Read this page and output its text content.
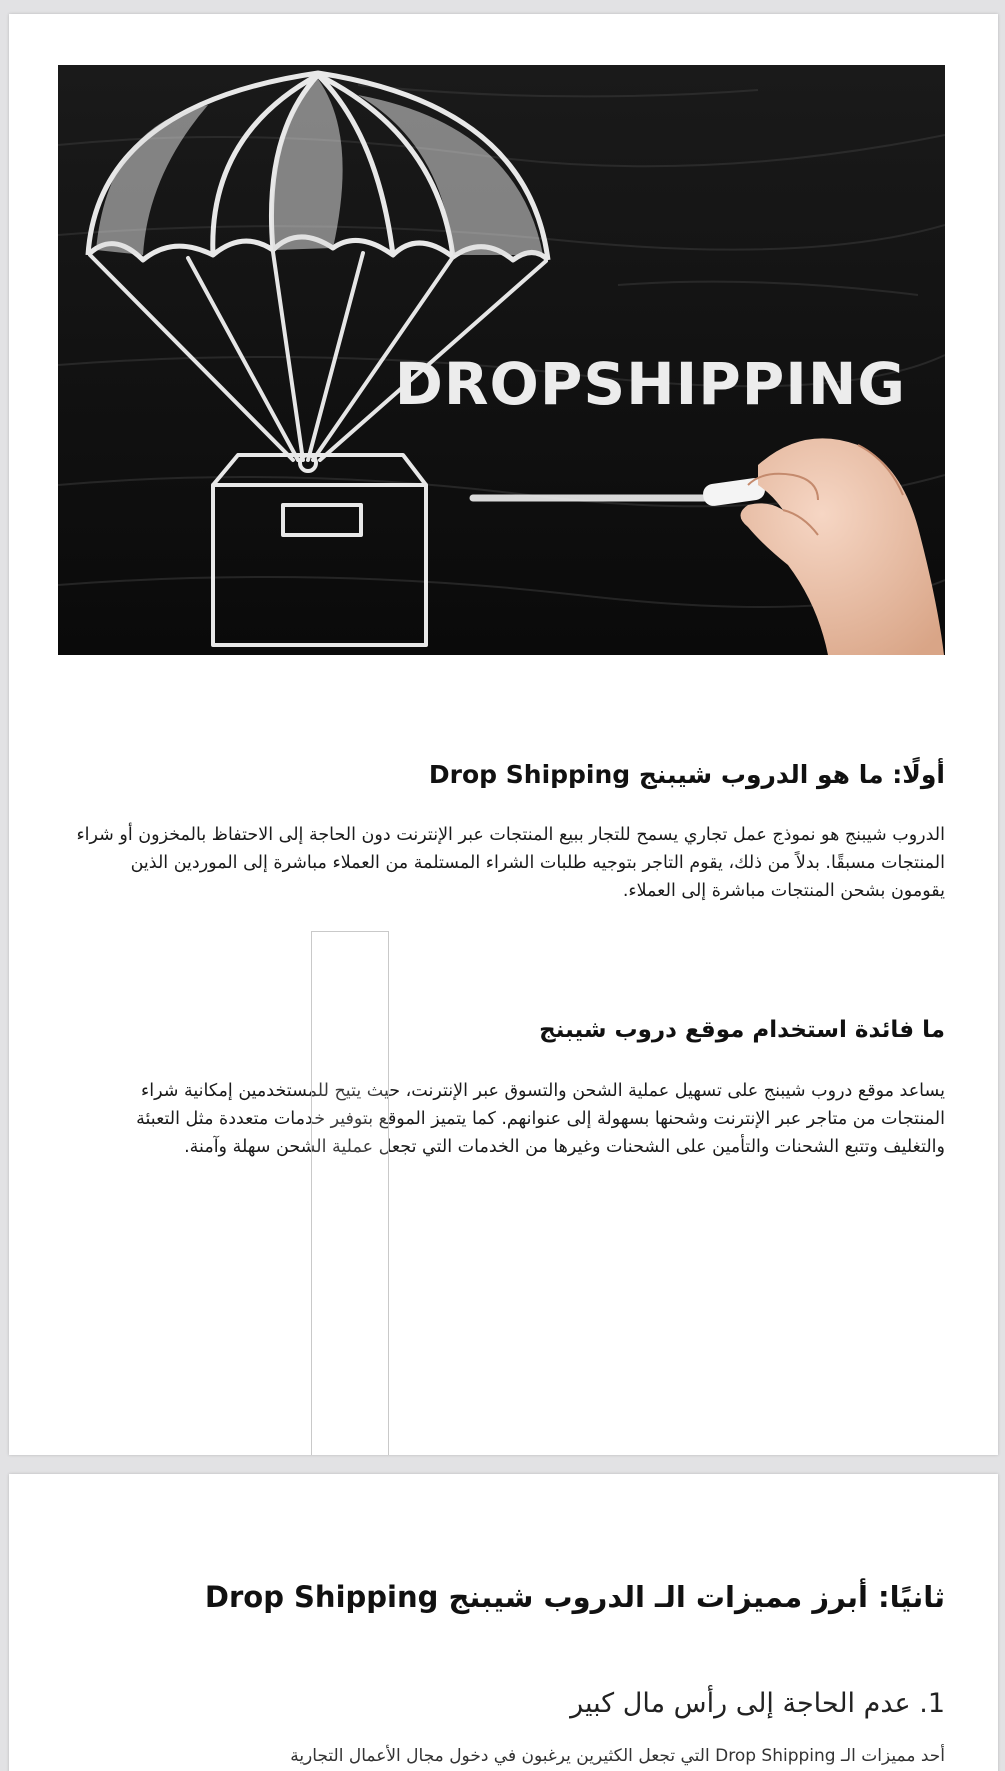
DROPSHIPPING
أولًا: ما هو الدروب شيبنج Drop Shipping

الدروب شيبنج هو نموذج عمل تجاري يسمح للتجار ببيع المنتجات عبر الإنترنت دون الحاجة إلى الاحتفاظ بالمخزون أو شراء المنتجات مسبقًا. بدلاً من ذلك، يقوم التاجر بتوجيه طلبات الشراء المستلمة من العملاء مباشرة إلى الموردين الذين يقومون بشحن المنتجات مباشرة إلى العملاء.

ما فائدة استخدام موقع دروب شيبنج

يساعد موقع دروب شيبنج على تسهيل عملية الشحن والتسوق عبر الإنترنت، حيث يتيح للمستخدمين إمكانية شراء المنتجات من متاجر عبر الإنترنت وشحنها بسهولة إلى عنوانهم. كما يتميز الموقع بتوفير خدمات متعددة مثل التعبئة والتغليف وتتبع الشحنات والتأمين على الشحنات وغيرها من الخدمات التي تجعل عملية الشحن سهلة وآمنة.

ثانيًا: أبرز مميزات الـ الدروب شيبنج Drop Shipping

1. عدم الحاجة إلى رأس مال كبير

أحد مميزات الـ Drop Shipping التي تجعل الكثيرين يرغبون في دخول مجال الأعمال التجارية
